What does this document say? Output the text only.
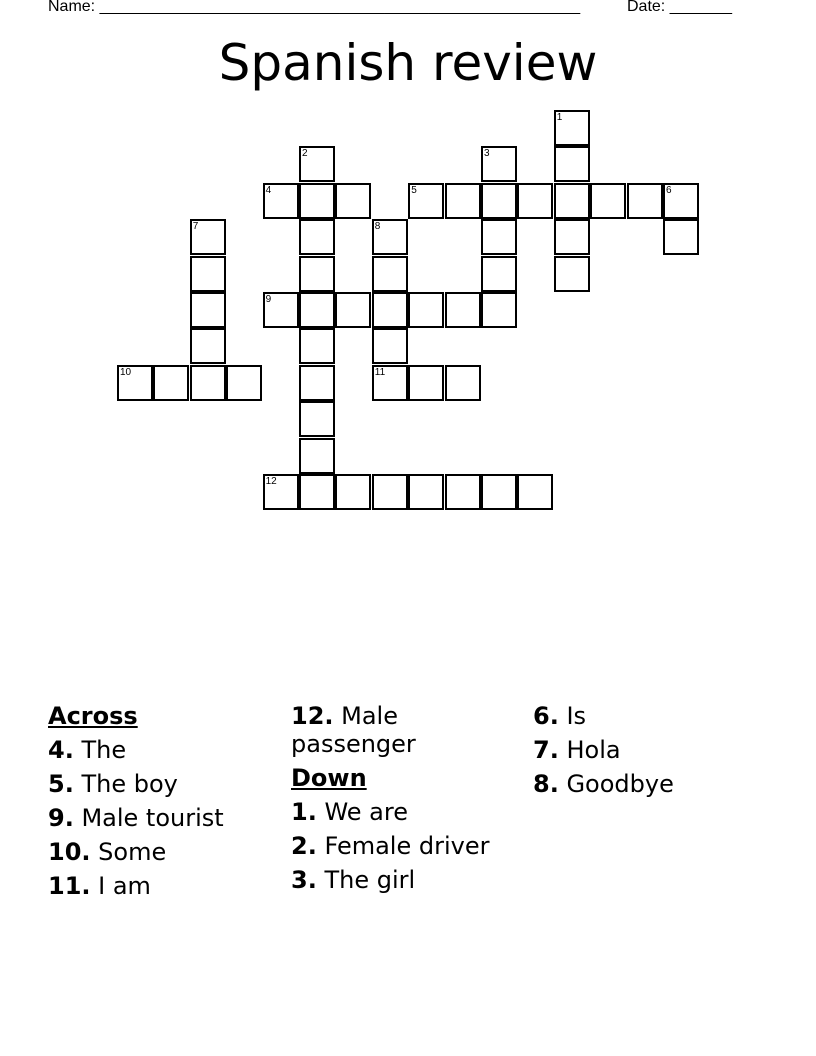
Name: ______________________________________________________	Date: _______
Spanish review
1
2	3
4	5	6
7	8
11
9
10
12
Across
4. The
5. The boy
9. Male tourist
10. Some
11. I am
12. Male passenger
Down
1. We are
2. Female driver
3. The girl
6. Is
7. Hola
8. Goodbye
